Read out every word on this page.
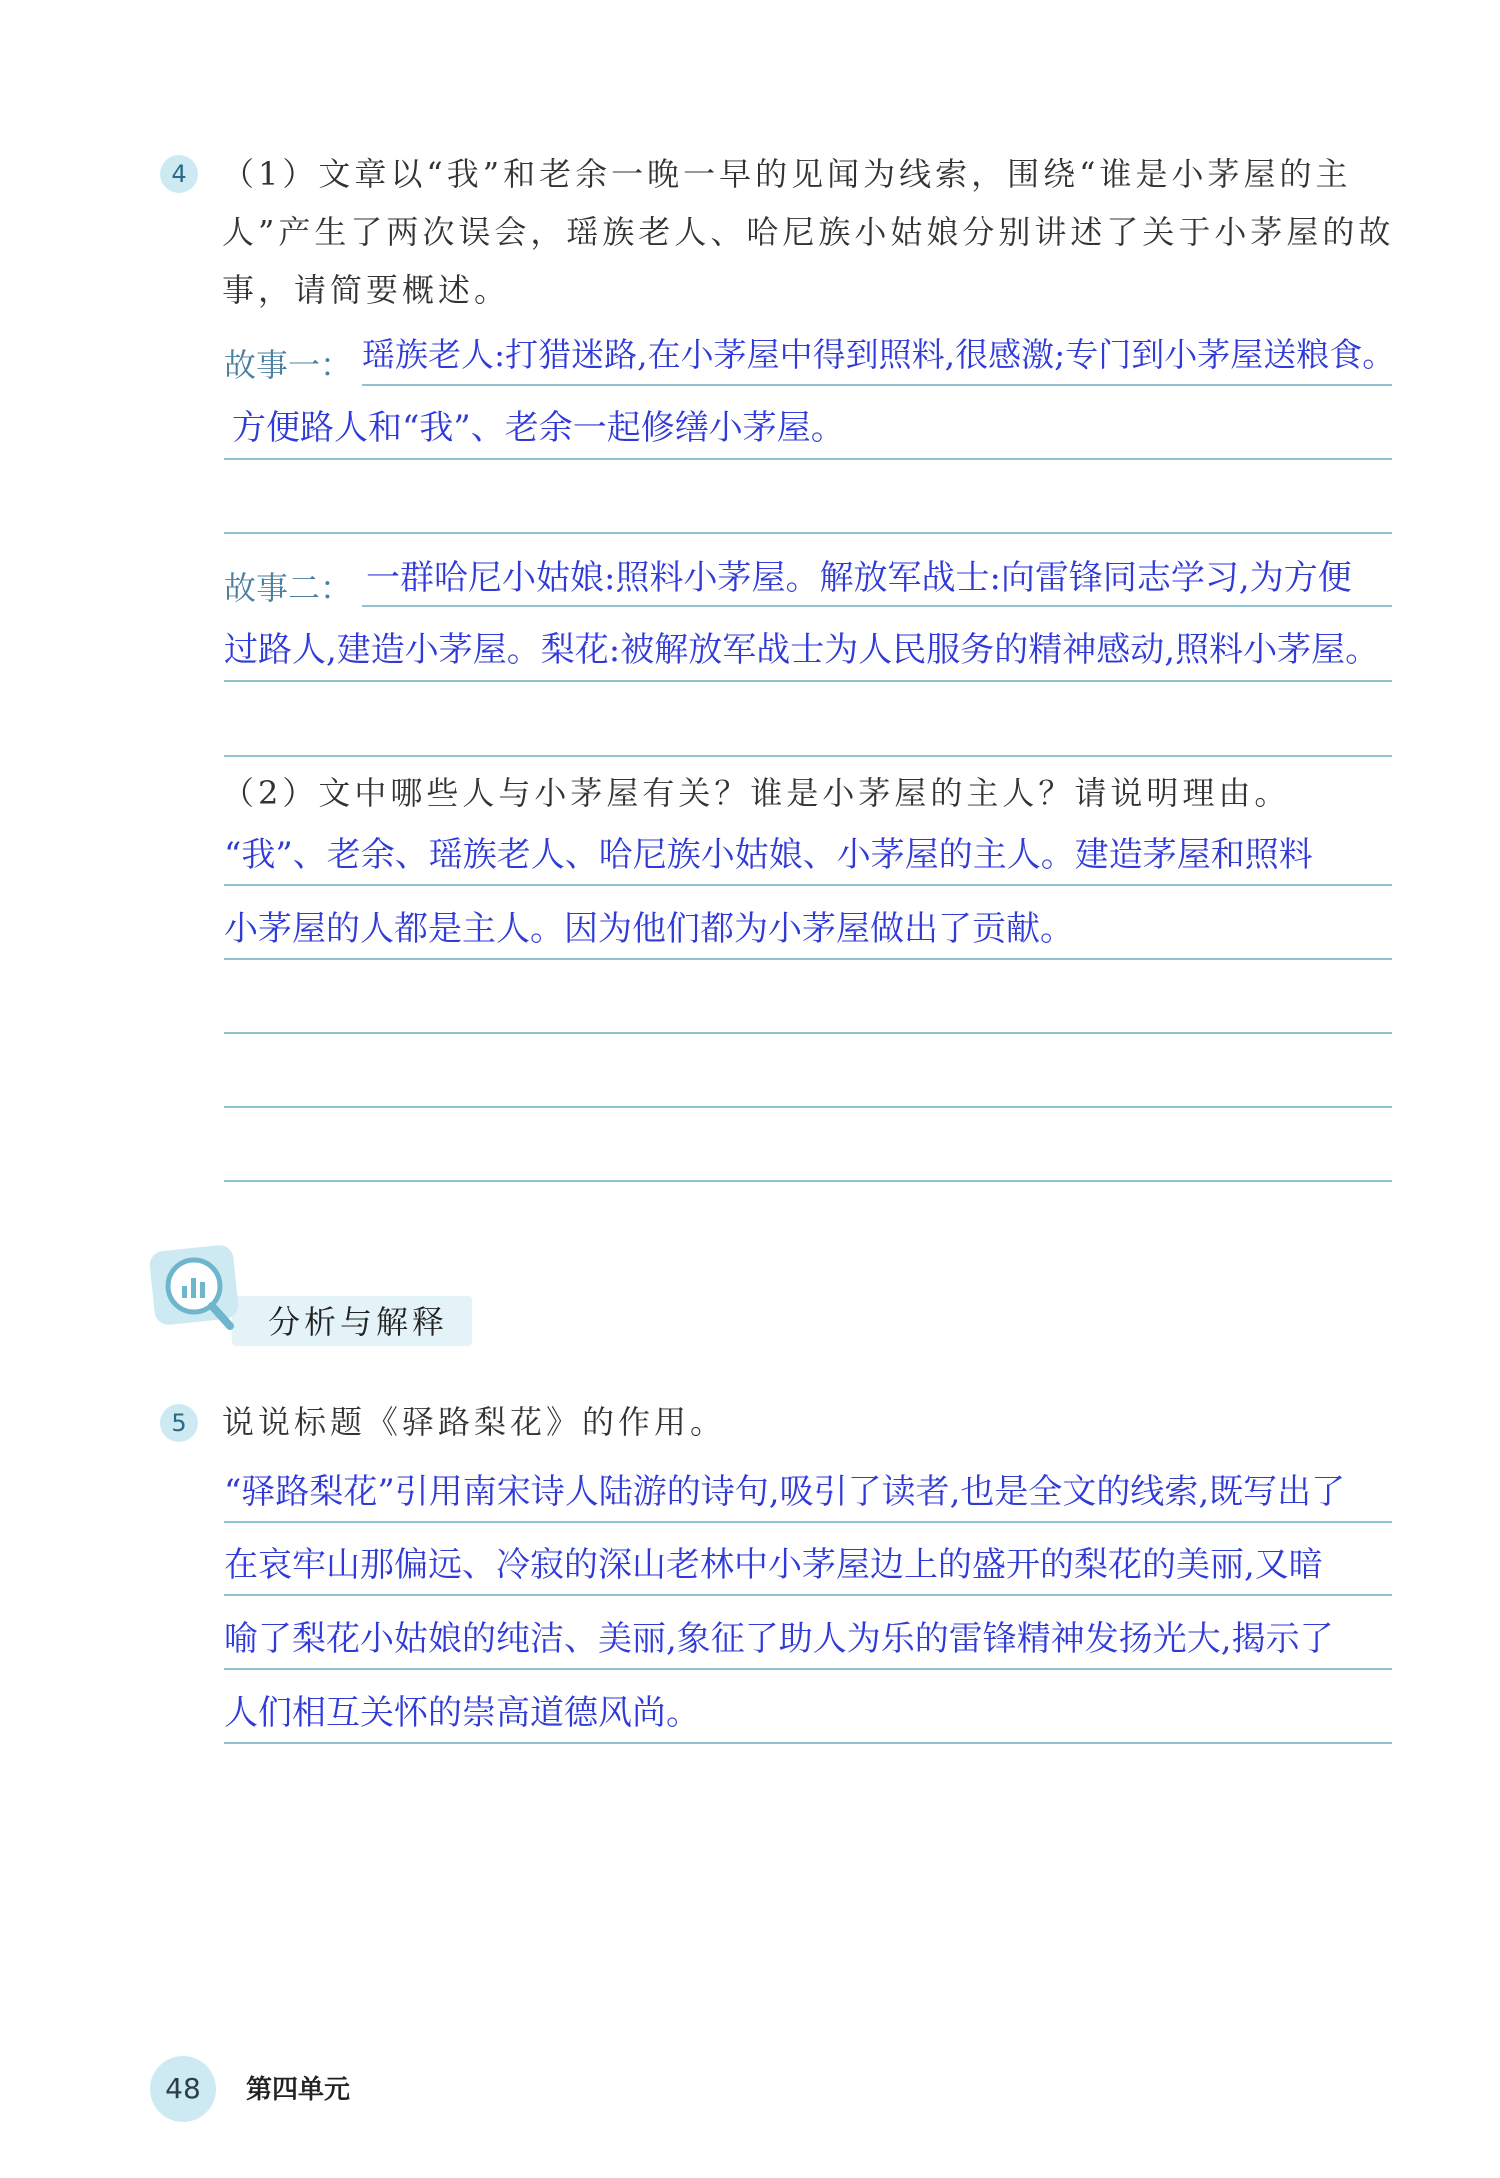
4	（1）文章以“我”和老余一晚一早的见闻为线索，围绕“谁是小茅屋的主人”产生了两次误会，瑶族老人、哈尼族小姑娘分别讲述了关于小茅屋的故事，请简要概述。
故事一： 瑶族老人:打猎迷路,在小茅屋中得到照料,很感激;专门到小茅屋送粮食。
方便路人和“我”、老余一起修缮小茅屋。
故事二： 一群哈尼小姑娘:照料小茅屋。解放军战士:向雷锋同志学习,为方便
过路人,建造小茅屋。梨花:被解放军战士为人民服务的精神感动,照料小茅屋。
（2）文中哪些人与小茅屋有关？谁是小茅屋的主人？请说明理由。
“我”、老余、瑶族老人、哈尼族小姑娘、小茅屋的主人。建造茅屋和照料
小茅屋的人都是主人。因为他们都为小茅屋做出了贡献。
分析与解释
5	说说标题《驿路梨花》的作用。
“驿路梨花”引用南宋诗人陆游的诗句,吸引了读者,也是全文的线索,既写出了
在哀牢山那偏远、冷寂的深山老林中小茅屋边上的盛开的梨花的美丽,又暗
喻了梨花小姑娘的纯洁、美丽,象征了助人为乐的雷锋精神发扬光大,揭示了
人们相互关怀的崇高道德风尚。
48	第四单元
